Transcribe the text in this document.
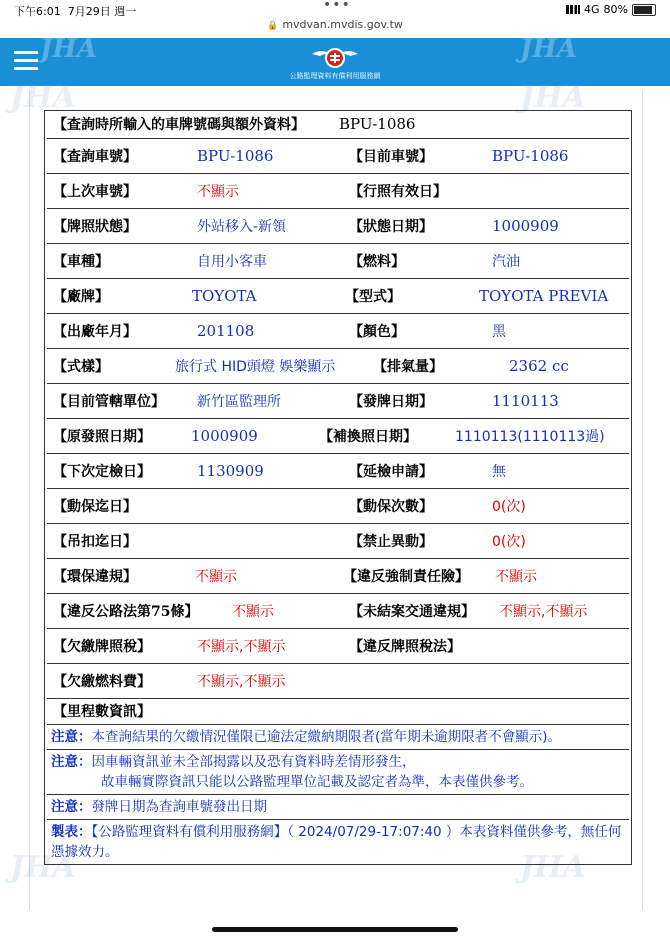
下午6:01 7月29日 週一	•••	4G 80%
🔒 mvdvan.mvdis.gov.tw
JHA	JHA
公路監理資料有償利用服務網
JHA	JHA
JHA	JHA
【查詢時所輸入的車牌號碼與額外資料】 BPU-1086
【查詢車號】	BPU-1086	【目前車號】	BPU-1086
【上次車號】	不顯示	【行照有效日】
【牌照狀態】	外站移入-新領	【狀態日期】	1000909
【車種】	自用小客車	【燃料】	汽油
【廠牌】	TOYOTA	【型式】	TOYOTA PREVIA
【出廠年月】	201108	【顏色】	黑
【式樣】	旅行式 HID頭燈 娛樂顯示	【排氣量】	2362 cc
【目前管轄單位】 新竹區監理所	【發牌日期】	1110113
【原發照日期】	1000909	【補換照日期】	1110113(1110113過)
【下次定檢日】	1130909	【延檢申請】	無
【動保迄日】	【動保次數】	0(次)
【吊扣迄日】	【禁止異動】	0(次)
【環保違規】	不顯示	【違反強制責任險】 不顯示
【違反公路法第75條】 不顯示	【未結案交通違規】 不顯示,不顯示
【欠繳牌照稅】	不顯示,不顯示	【違反牌照稅法】
【欠繳燃料費】	不顯示,不顯示
【里程數資訊】
注意：本查詢結果的欠繳情況僅限已逾法定繳納期限者(當年期未逾期限者不會顯示)。
注意：因車輛資訊並未全部揭露以及恐有資料時差情形發生，
故車輛實際資訊只能以公路監理單位記載及認定者為準，本表僅供參考。
注意：發牌日期為查詢車號發出日期
製表：【公路監理資料有償利用服務網】（ 2024/07/29-17:07:40 ）本表資料僅供參考，無任何憑據效力。
